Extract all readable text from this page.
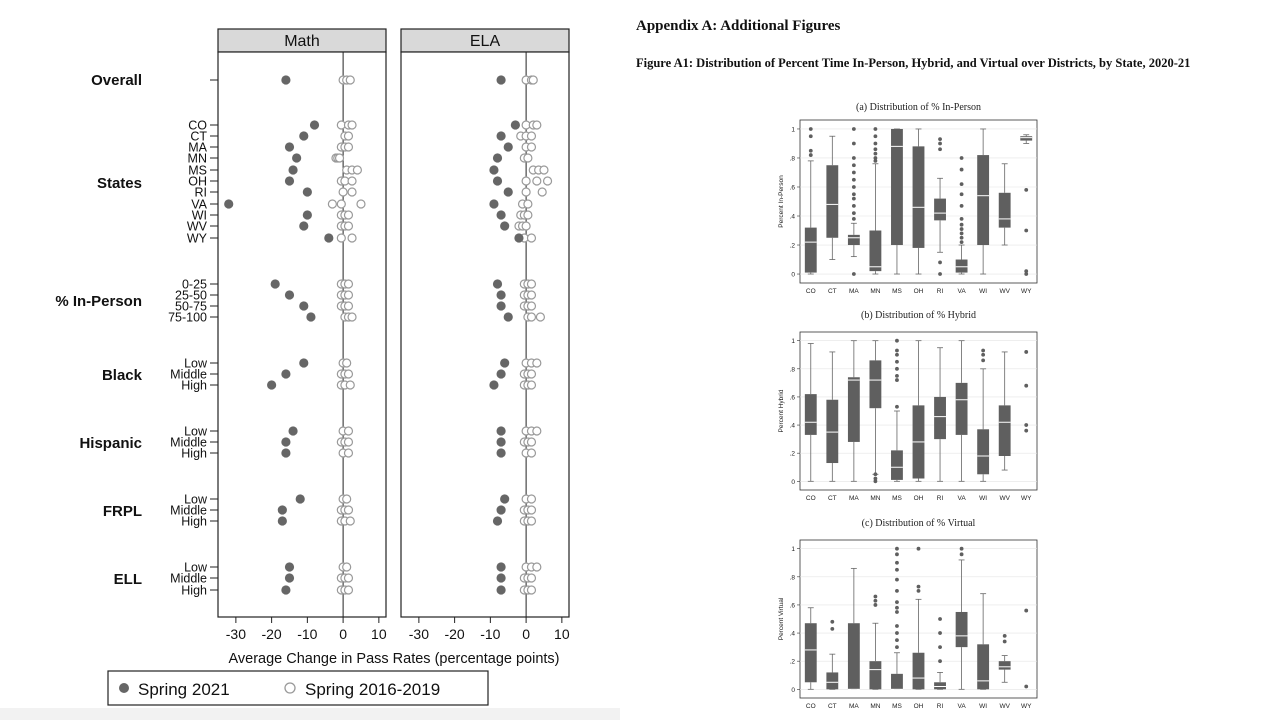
Math
-30 -20 -10 0 10
ELA
-30 -20 -10 0 10
Overall
States
CO
CT
MA
MN
MS
OH
RI
VA
WI
WV
WY
% In-Person
0-25
25-50
50-75
75-100
Black
Low
Middle
High
Hispanic
Low
Middle
High
FRPL
Low
Middle
High
ELL
Low
Middle
High
Average Change in Pass Rates (percentage points)
Spring 2021	Spring 2016-2019
Appendix A: Additional Figures
Figure A1: Distribution of Percent Time In-Person, Hybrid, and Virtual over Districts, by State, 2020-21
(a) Distribution of % In-Person
0
.2
.4
.6
.8
1
Percent In-Person
CO CT MA MN MS OH RI VA WI WV WY
(b) Distribution of % Hybrid
0
.2
.4
.6
.8
1
Percent Hybrid
CO CT MA MN MS OH RI VA WI WV WY
(c) Distribution of % Virtual
0
.2
.4
.6
.8
1
Percent Virtual
CO CT MA MN MS OH RI VA WI WV WY
